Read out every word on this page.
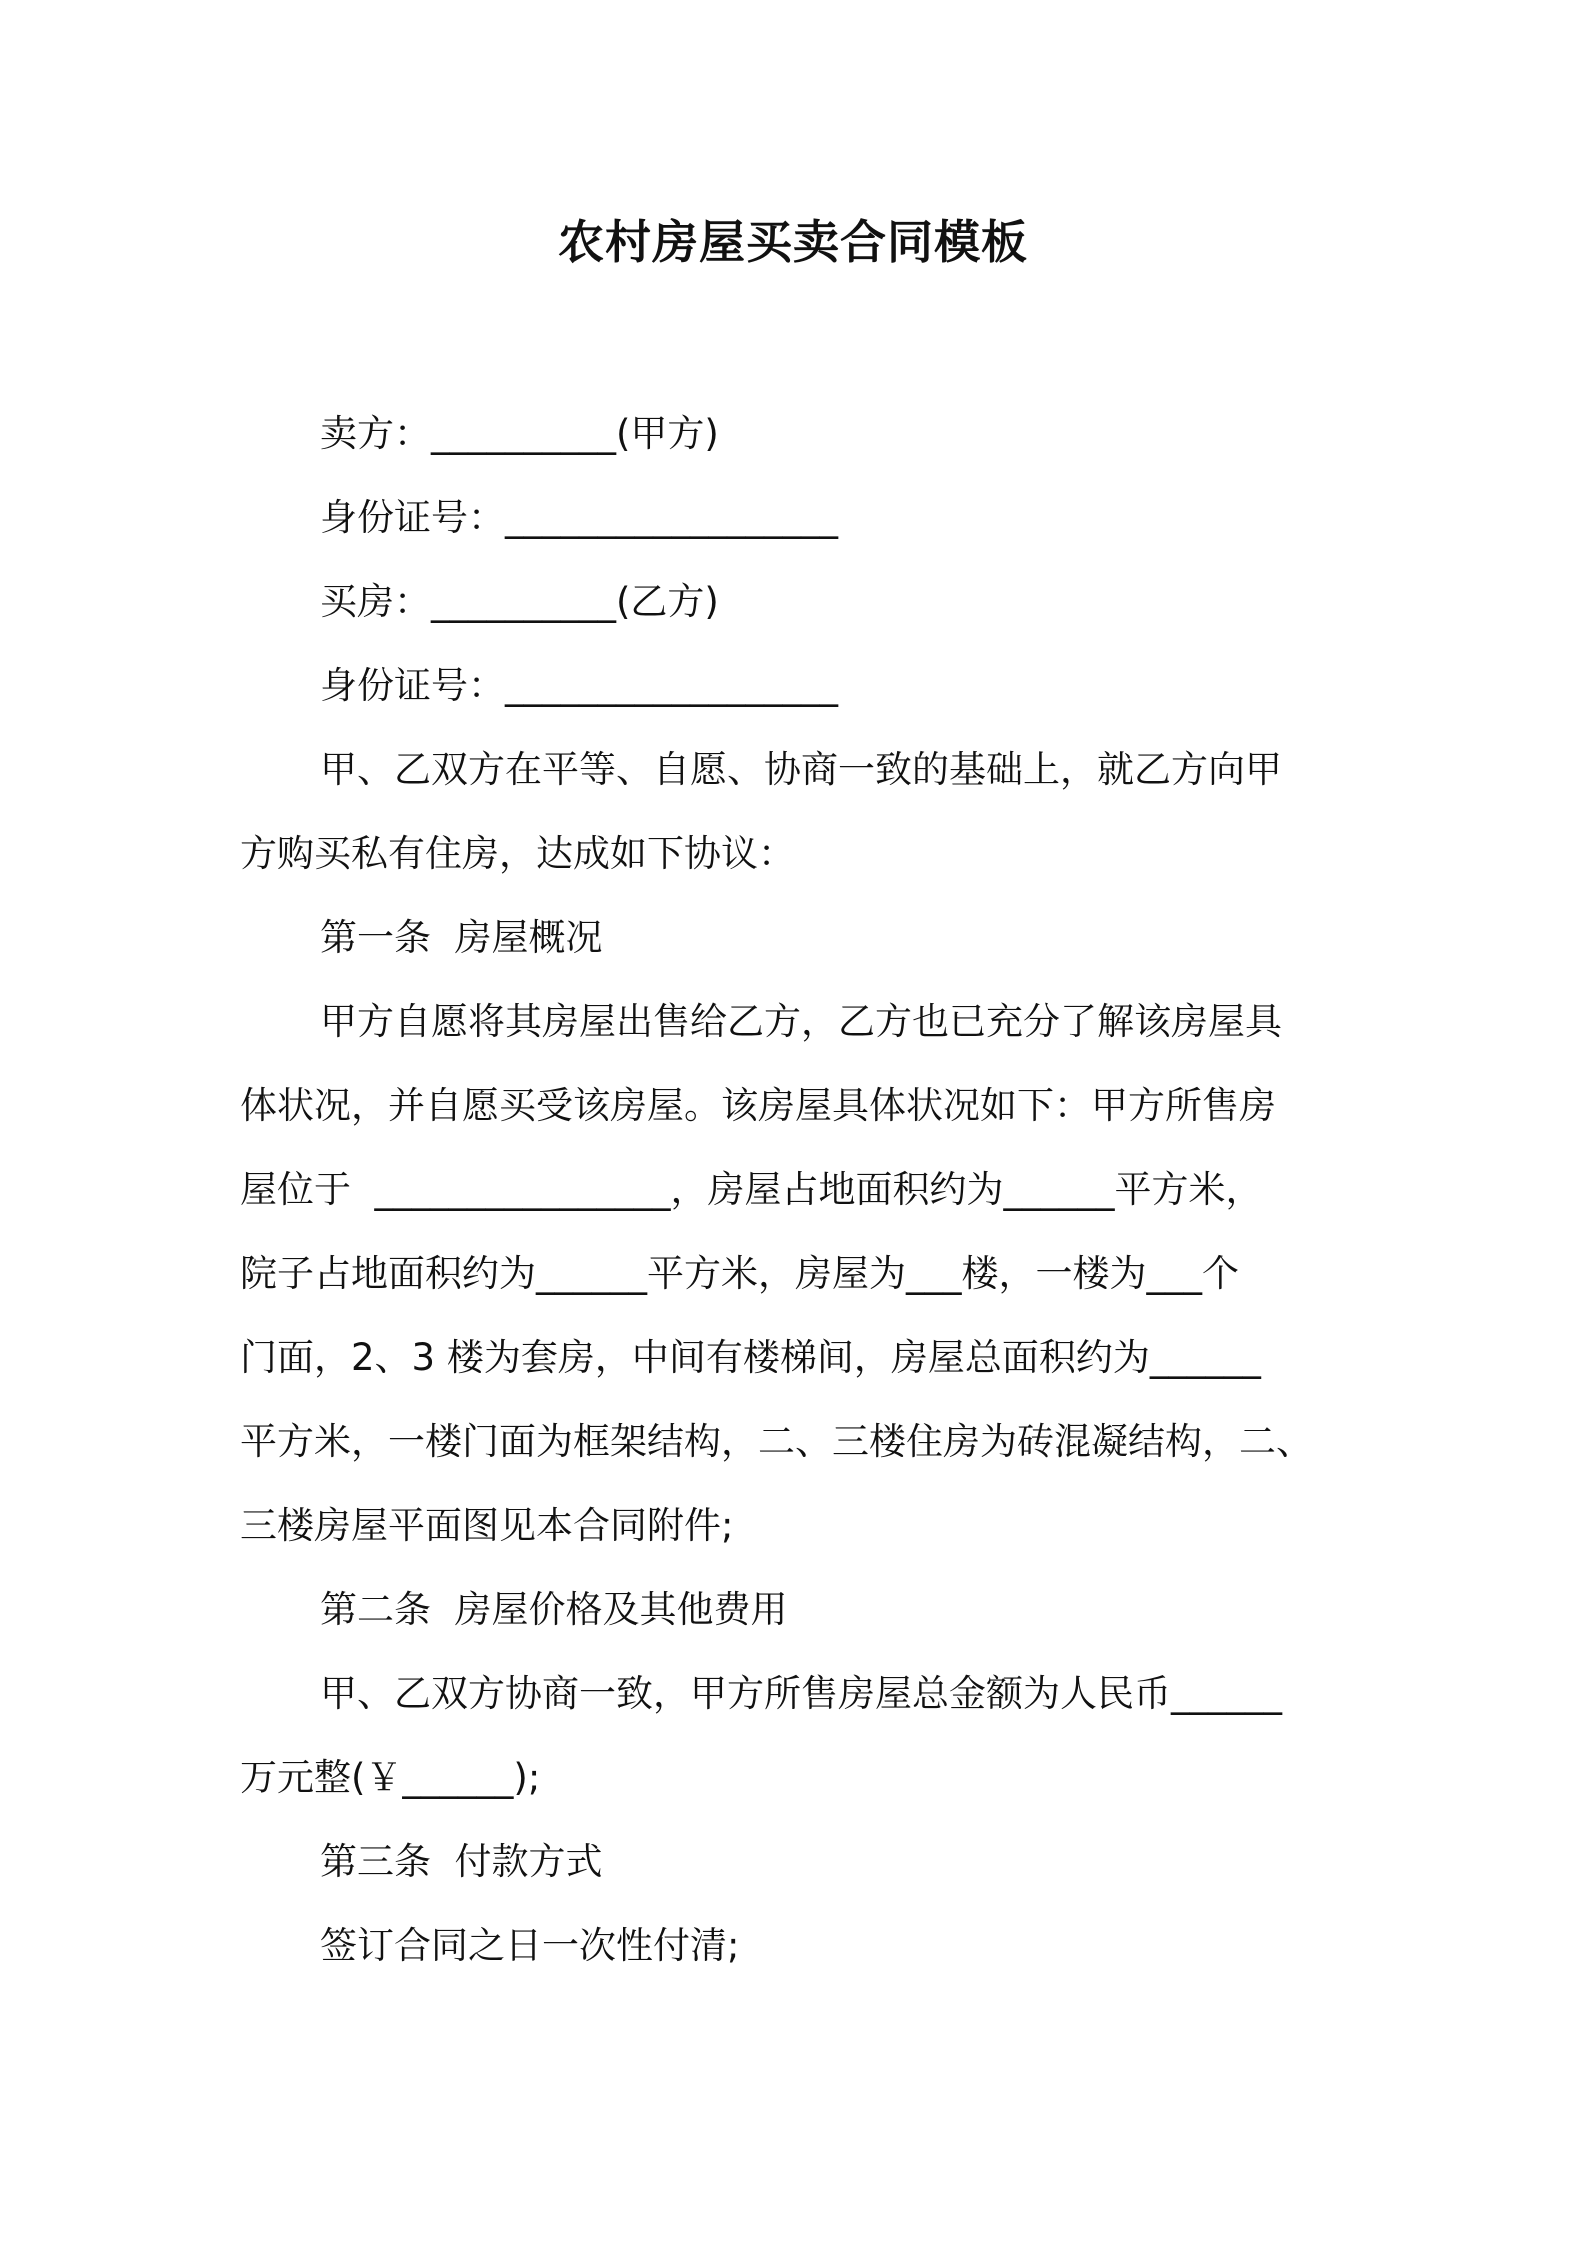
农村房屋买卖合同模板
卖方：__________(甲方)
身份证号：__________________
买房：__________(乙方)
身份证号：__________________
甲、乙双方在平等、自愿、协商一致的基础上，就乙方向甲
方购买私有住房，达成如下协议：
第一条  房屋概况
甲方自愿将其房屋出售给乙方，乙方也已充分了解该房屋具
体状况，并自愿买受该房屋。该房屋具体状况如下：甲方所售房
屋位于  ________________，房屋占地面积约为______平方米，
院子占地面积约为______平方米，房屋为___楼，一楼为___个
门面，2、3 楼为套房，中间有楼梯间，房屋总面积约为______
平方米，一楼门面为框架结构，二、三楼住房为砖混凝结构，二、
三楼房屋平面图见本合同附件;
第二条  房屋价格及其他费用
甲、乙双方协商一致，甲方所售房屋总金额为人民币______
万元整(￥______);
第三条  付款方式
签订合同之日一次性付清;
